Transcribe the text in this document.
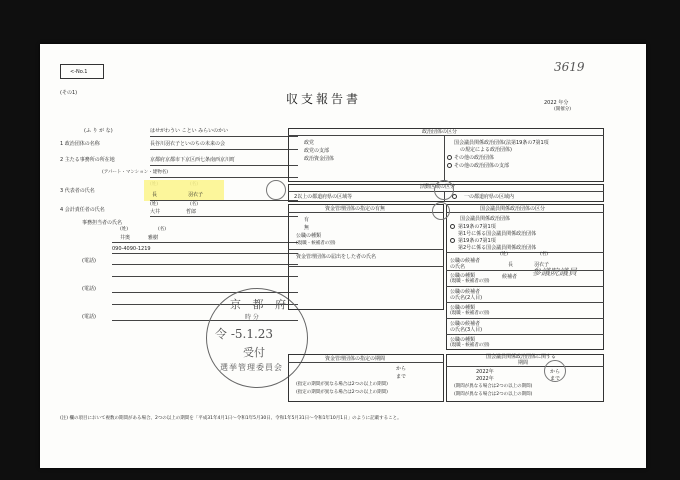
<-No.1
(その1)
3619
収支報告書	2022 年分
(開催分)
(ふ り が な)	はせがわうい ことい みらいのかい
1 政治団体の名称	長谷川羽衣子といのちの未来の会
2 主たる事務所の所在地	京都府京都市下京区西七条南西京川町
(アパート・マンション・建物名)
3 代表者の氏名
長	羽衣子
(姓)	(名)
4 会計責任者の氏名	大井	哲郎
(姓)	(名)
事務担当者の氏名
井奥	雅樹
090-4090-1219
(電話)
(電話)
(電話)
京 都 府
時 分
令 -5.1.23
受付
選挙管理委員会
政治団体の区分
政党
政党の支部
政治資金団体
国会議員関係政治団体(法第19条の7第1項
の規定による政治団体)
その他の政治団体
その他の政治団体の支部
活動区域の区分
2以上の都道府県の区域等	一の都道府県の区域内
資金管理団体の指定の有無
有
無
公職の種類
(現職・候補者の別)
資金管理団体の届出をした者の氏名
国会議員関係政治団体の区分
国会議員関係政治団体
第19条の7第1項
第1号に係る国会議員関係政治団体
第19条の7第1項
第2号に係る国会議員関係政治団体
(姓)	(名)
公職の候補者
の氏名	長	羽衣子
公職の種類
(現職・候補者の別)
候補者 参議院議員
公職の候補者
の氏名(2人目)
公職の種類
(現職・候補者の別)
公職の候補者
の氏名(3人目)
公職の種類
(現職・候補者の別)
資金管理団体の指定の期間
から
まで
(指定の期間が異なる場合は2つの以上の期間)
(指定の期間が異なる場合は2つの以上の期間)
国会議員関係政治団体に関する
期間
2022年	から
2022年	まで
(期間が異なる場合は2つの以上の期間)
(期間が異なる場合は2つの以上の期間)
(注) 欄の項目において複数の期間がある場合、2つの以上の期間を「平成31年4月1日〜令和1年5月30日、令和1年5月31日〜令和1年10月1日」のように記載すること。
